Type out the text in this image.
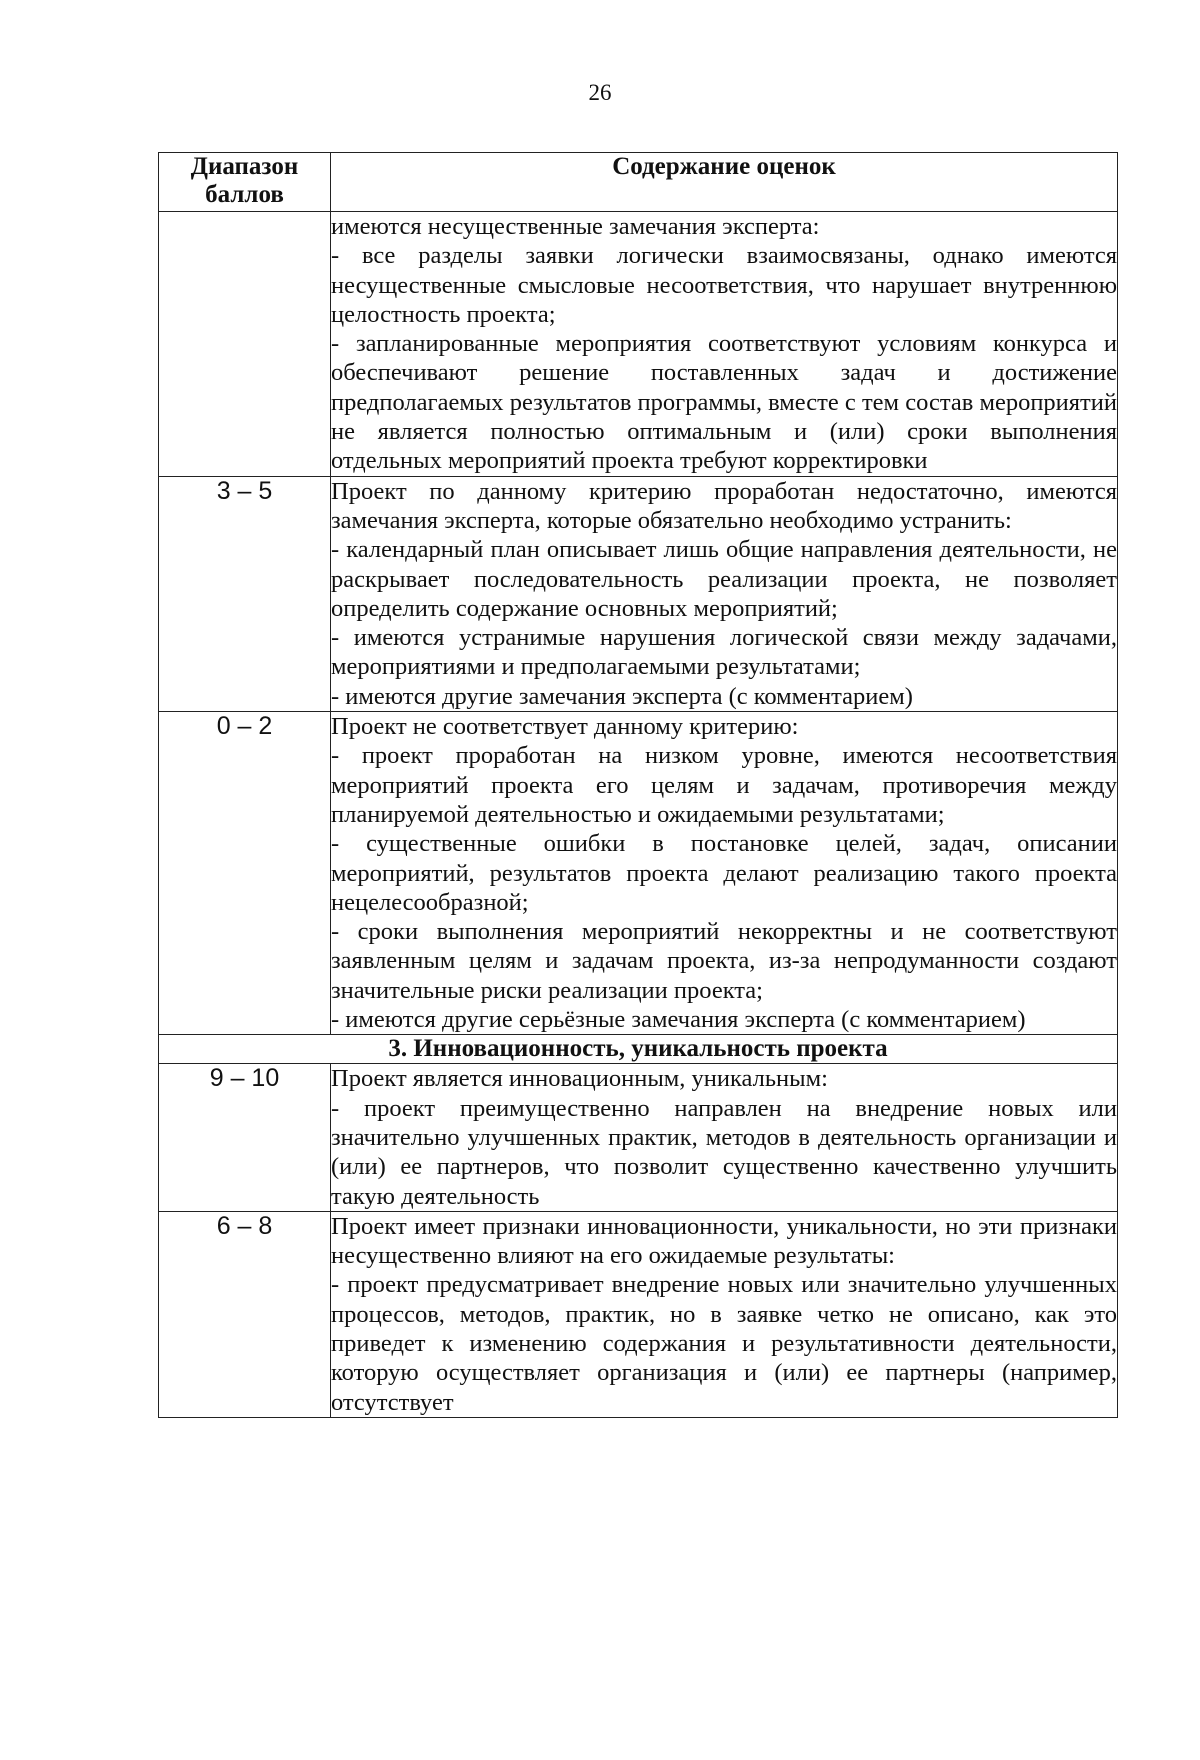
26
Диапазон баллов	Содержание оценок

	имеются несущественные замечания эксперта:

- все разделы заявки логически взаимосвязаны, однако имеются несущественные смысловые несоответствия, что нарушает внутреннюю целостность проекта;

- запланированные мероприятия соответствуют условиям конкурса и обеспечивают решение поставленных задач и достижение предполагаемых результатов программы, вместе с тем состав мероприятий не является полностью оптимальным и (или) сроки выполнения отдельных мероприятий проекта требуют корректировки

3 – 5	Проект по данному критерию проработан недостаточно, имеются замечания эксперта, которые обязательно необходимо устранить:

- календарный план описывает лишь общие направления деятельности, не раскрывает последовательность реализации проекта, не позволяет определить содержание основных мероприятий;

- имеются устранимые нарушения логической связи между задачами, мероприятиями и предполагаемыми результатами;

- имеются другие замечания эксперта (с комментарием)

0 – 2	Проект не соответствует данному критерию:

- проект проработан на низком уровне, имеются несоответствия мероприятий проекта его целям и задачам, противоречия между планируемой деятельностью и ожидаемыми результатами;

- существенные ошибки в постановке целей, задач, описании мероприятий, результатов проекта делают реализацию такого проекта нецелесообразной;

- сроки выполнения мероприятий некорректны и не соответствуют заявленным целям и задачам проекта, из-за непродуманности создают значительные риски реализации проекта;

- имеются другие серьёзные замечания эксперта (с комментарием)

3. Инновационность, уникальность проекта	
9 – 10	Проект является инновационным, уникальным:

- проект преимущественно направлен на внедрение новых или значительно улучшенных практик, методов в деятельность организации и (или) ее партнеров, что позволит существенно качественно улучшить такую деятельность

6 – 8	Проект имеет признаки инновационности, уникальности, но эти признаки несущественно влияют на его ожидаемые результаты:

- проект предусматривает внедрение новых или значительно улучшенных процессов, методов, практик, но в заявке четко не описано, как это приведет к изменению содержания и результативности деятельности, которую осуществляет организация и (или) ее партнеры (например, отсутствует
